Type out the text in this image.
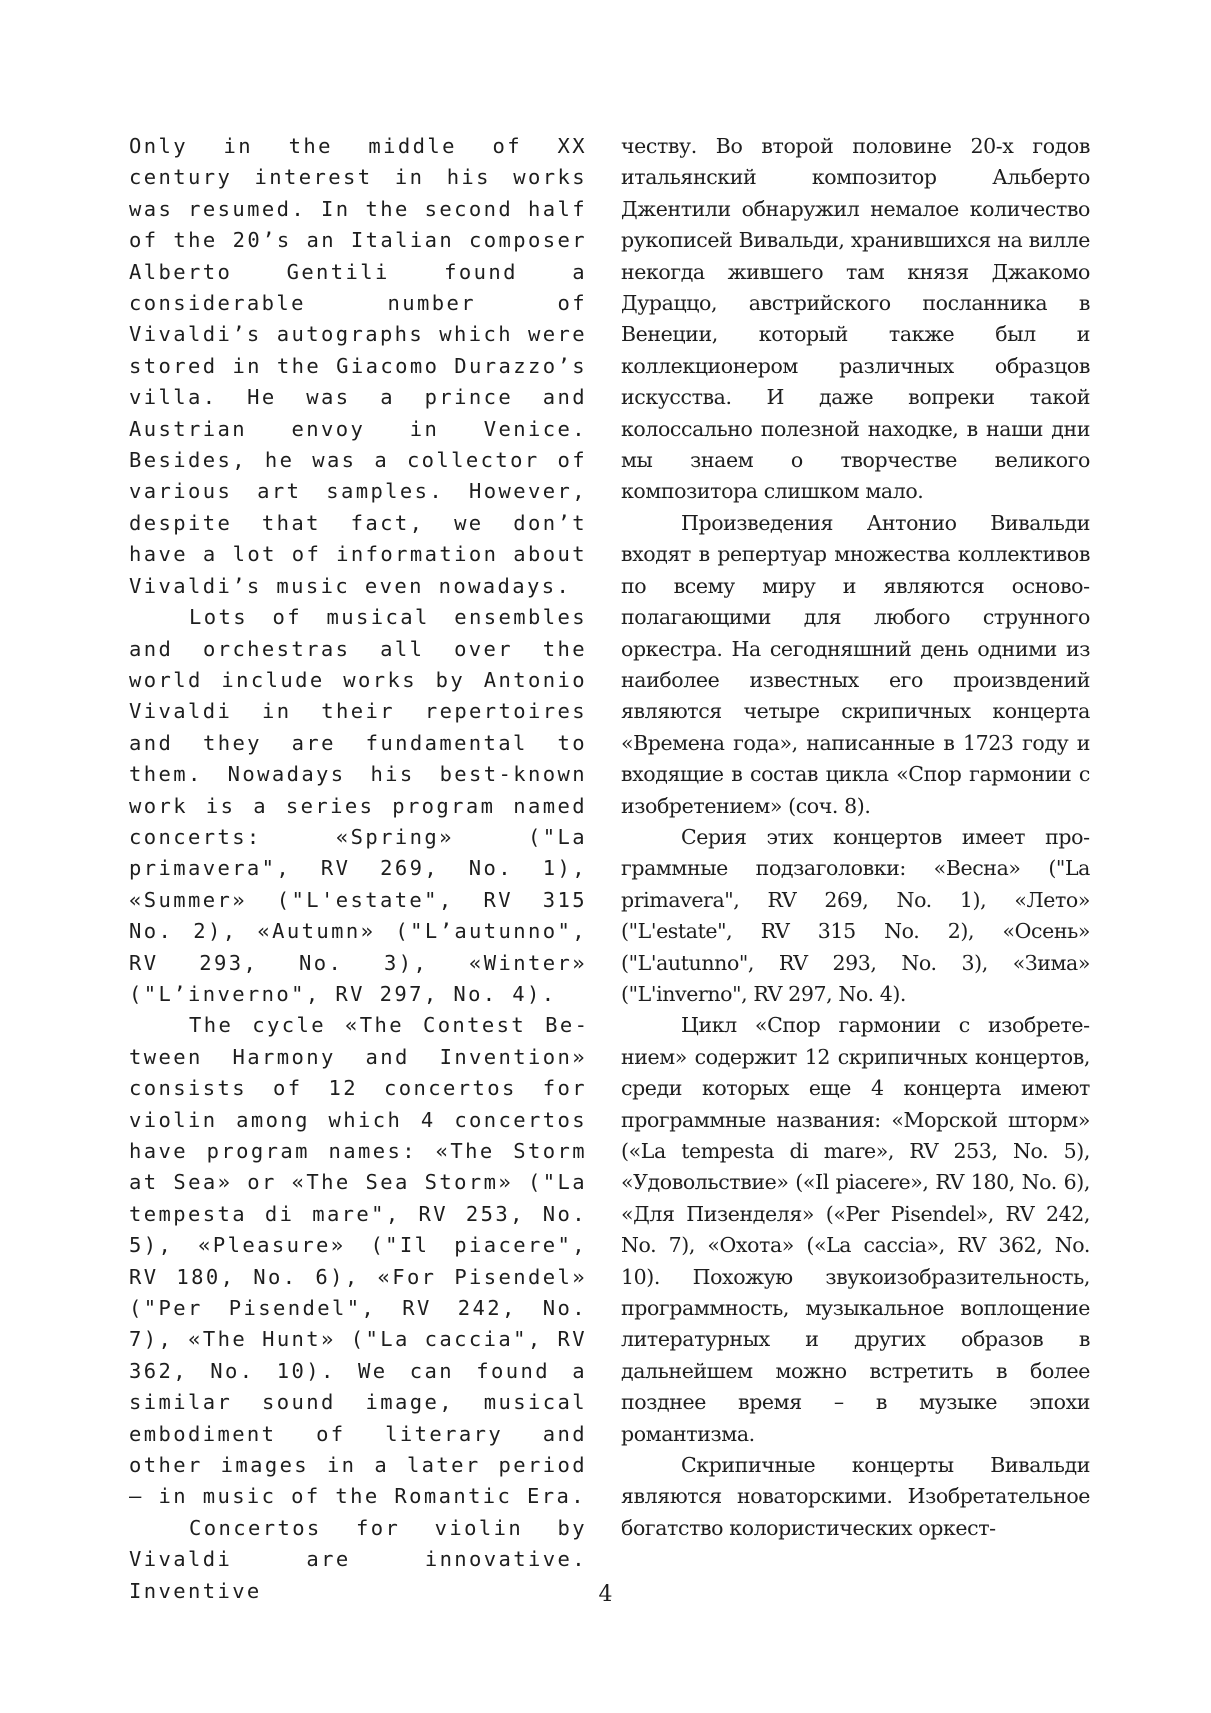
Only in the middle of XX century interest in his works was resumed. In the second half of the 20’s an Italian composer Alberto Gentili found a considerable number of Vivaldi’s autographs which were stored in the Giacomo Durazzo’s villa. He was a prince and Austrian envoy in Venice. Besides, he was a collector of various art samples. However, despite that fact, we don’t have a lot of information about Vivaldi’s music even nowadays.

Lots of musical ensembles and orchestras all over the world include works by Antonio Vivaldi in their repertoires and they are fundamental to them. Nowadays his best-known work is a series program named concerts: «Spring» ("La primavera", RV 269, No. 1), «Summer» ("L'estate", RV 315 No. 2), «Autumn» ("L’autunno", RV 293, No. 3), «Winter» ("L’inverno", RV 297, No. 4).

The cycle «The Contest Between Harmony and Invention» consists of 12 concertos for violin among which 4 concertos have program names: «The Storm at Sea» or «The Sea Storm» ("La tempesta di mare", RV 253, No. 5), «Pleasure» ("Il piacere", RV 180, No. 6), «For Pisendel» ("Per Pisendel", RV 242, No. 7), «The Hunt» ("La caccia", RV 362, No. 10). We can found a similar sound image, musical embodiment of literary and other images in a later period – in music of the Romantic Era.

Concertos for violin by Vivaldi are innovative. Inventive

честву. Во второй половине 20-х годов итальянский композитор Альберто Джентили обнаружил немалое количество рукописей Вивальди, хранившихся на вилле некогда жившего там князя Джакомо Дураццо, австрийского посланника в Венеции, который также был и коллекционером различных образцов искусства. И даже вопреки такой колоссально полезной находке, в наши дни мы знаем о творчестве великого композитора слишком мало.

Произведения Антонио Вивальди входят в репертуар множества коллективов по всему миру и являются основополагающими для любого струнного оркестра. На сегодняшний день одними из наиболее известных его произвдений являются четыре скрипичных концерта «Времена года», написанные в 1723 году и входящие в состав цикла «Спор гармонии с изобретением» (соч. 8).

Серия этих концертов имеет программные подзаголовки: «Весна» ("La primavera", RV 269, No. 1), «Лето» ("L'estate", RV 315 No. 2), «Осень» ("L'autunno", RV 293, No. 3), «Зима» ("L'inverno", RV 297, No. 4).

Цикл «Спор гармонии с изобретением» содержит 12 скрипичных концертов, среди которых еще 4 концерта имеют программные названия: «Морской шторм» («La tempesta di mare», RV 253, No. 5), «Удовольствие» («Il piacere», RV 180, No. 6), «Для Пизенделя» («Per Pisendel», RV 242, No. 7), «Охота» («La caccia», RV 362, No. 10). Похожую звукоизобразительность, программность, музыкальное воплощение литературных и других образов в дальнейшем можно встретить в более позднее время – в музыке эпохи романтизма.

Скрипичные концерты Вивальди являются новаторскими. Изобретательное богатство колористических оркест-

4
